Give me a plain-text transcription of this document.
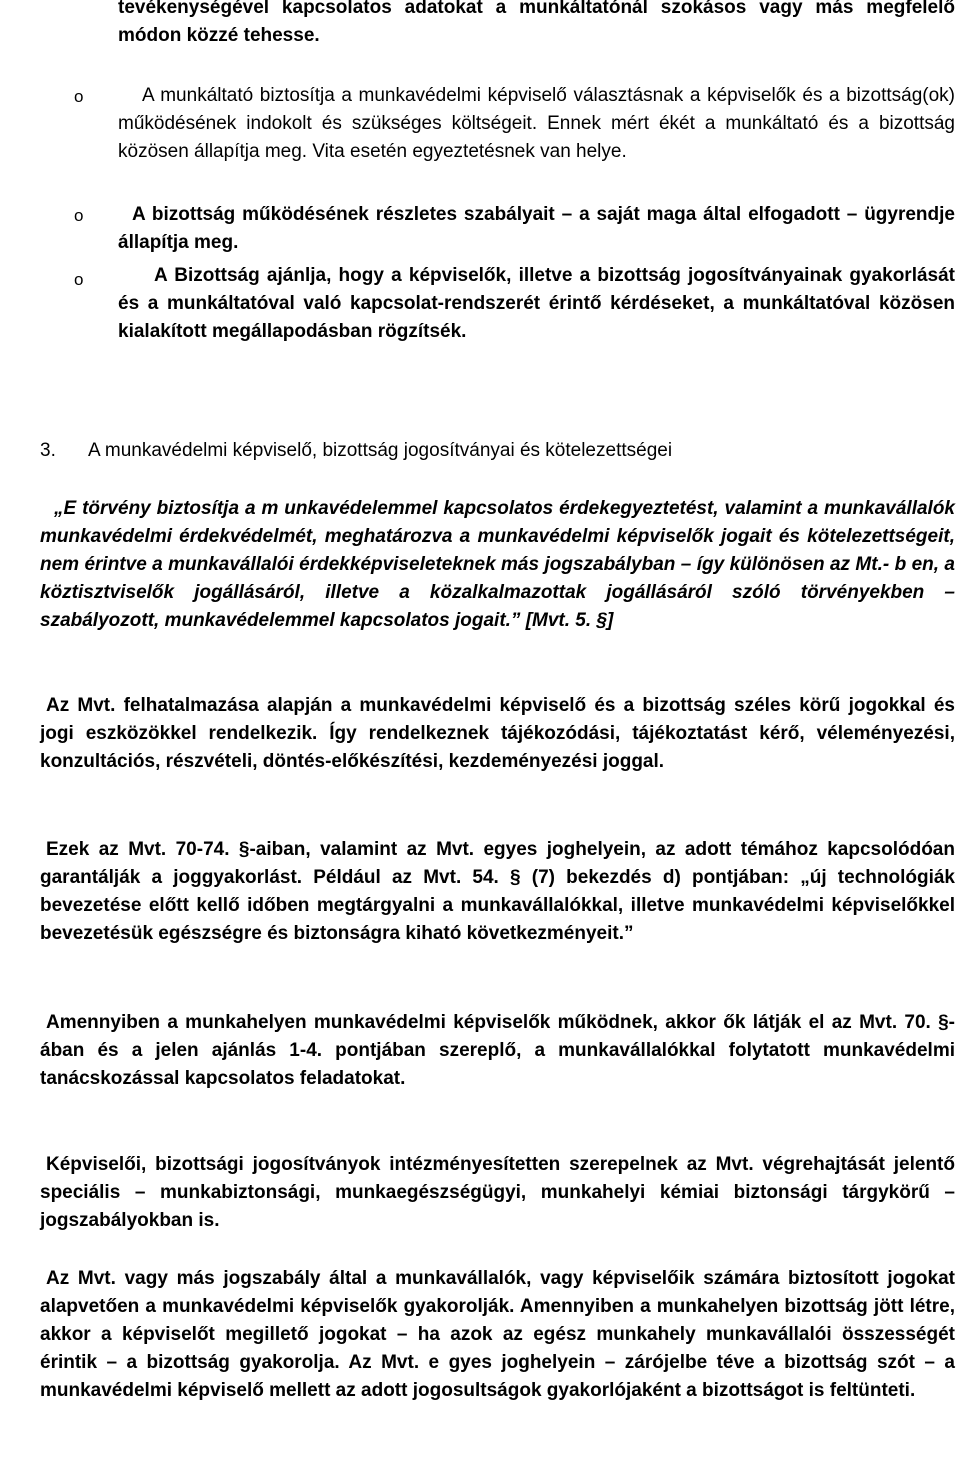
tevékenységével kapcsolatos adatokat a munkáltatónál szokásos vagy más megfelelő módon közzé tehesse.

o	A munkáltató biztosítja a munkavédelmi képviselő választásnak a képviselők és a bizottság(ok) működésének indokolt és szükséges költségeit. Ennek mért ékét a munkáltató és a bizottság közösen állapítja meg. Vita esetén egyeztetésnek van helye.

o	A bizottság működésének részletes szabályait – a saját maga által elfogadott – ügyrendje állapítja meg.

o	A Bizottság ajánlja, hogy a képviselők, illetve a bizottság jogosítványainak gyakorlását és a munkáltatóval való kapcsolat-rendszerét érintő kérdéseket, a munkáltatóval közösen kialakított megállapodásban rögzítsék.

3. A munkavédelmi képviselő, bizottság jogosítványai és kötelezettségei

„E törvény biztosítja a m unkavédelemmel kapcsolatos érdekegyeztetést, valamint a munkavállalók munkavédelmi érdekvédelmét, meghatározva a munkavédelmi képviselők jogait és kötelezettségeit, nem érintve a munkavállalói érdekképviseleteknek más jogszabályban – így különösen az Mt.- b en, a köztisztviselők jogállásáról, illetve a közalkalmazottak jogállásáról szóló törvényekben – szabályozott, munkavédelemmel kapcsolatos jogait.” [Mvt. 5. §]

Az Mvt. felhatalmazása alapján a munkavédelmi képviselő és a bizottság széles körű jogokkal és jogi eszközökkel rendelkezik. Így rendelkeznek tájékozódási, tájékoztatást kérő, véleményezési, konzultációs, részvételi, döntés-előkészítési, kezdeményezési joggal.

Ezek az Mvt. 70-74. §-aiban, valamint az Mvt. egyes joghelyein, az adott témához kapcsolódóan garantálják a joggyakorlást. Például az Mvt. 54. § (7) bekezdés d) pontjában: „új technológiák bevezetése előtt kellő időben megtárgyalni a munkavállalókkal, illetve munkavédelmi képviselőkkel bevezetésük egészségre és biztonságra kiható következményeit.”

Amennyiben a munkahelyen munkavédelmi képviselők működnek, akkor ők látják el az Mvt. 70. §-ában és a jelen ajánlás 1-4. pontjában szereplő, a munkavállalókkal folytatott munkavédelmi tanácskozással kapcsolatos feladatokat.

Képviselői, bizottsági jogosítványok intézményesítetten szerepelnek az Mvt. végrehajtását jelentő speciális – munkabiztonsági, munkaegészségügyi, munkahelyi kémiai biztonsági tárgykörű – jogszabályokban is.

Az Mvt. vagy más jogszabály által a munkavállalók, vagy képviselőik számára biztosított jogokat alapvetően a munkavédelmi képviselők gyakorolják. Amennyiben a munkahelyen bizottság jött létre, akkor a képviselőt megillető jogokat – ha azok az egész munkahely munkavállalói összességét érintik – a bizottság gyakorolja. Az Mvt. e gyes joghelyein – zárójelbe téve a bizottság szót – a munkavédelmi képviselő mellett az adott jogosultságok gyakorlójaként a bizottságot is feltünteti.
